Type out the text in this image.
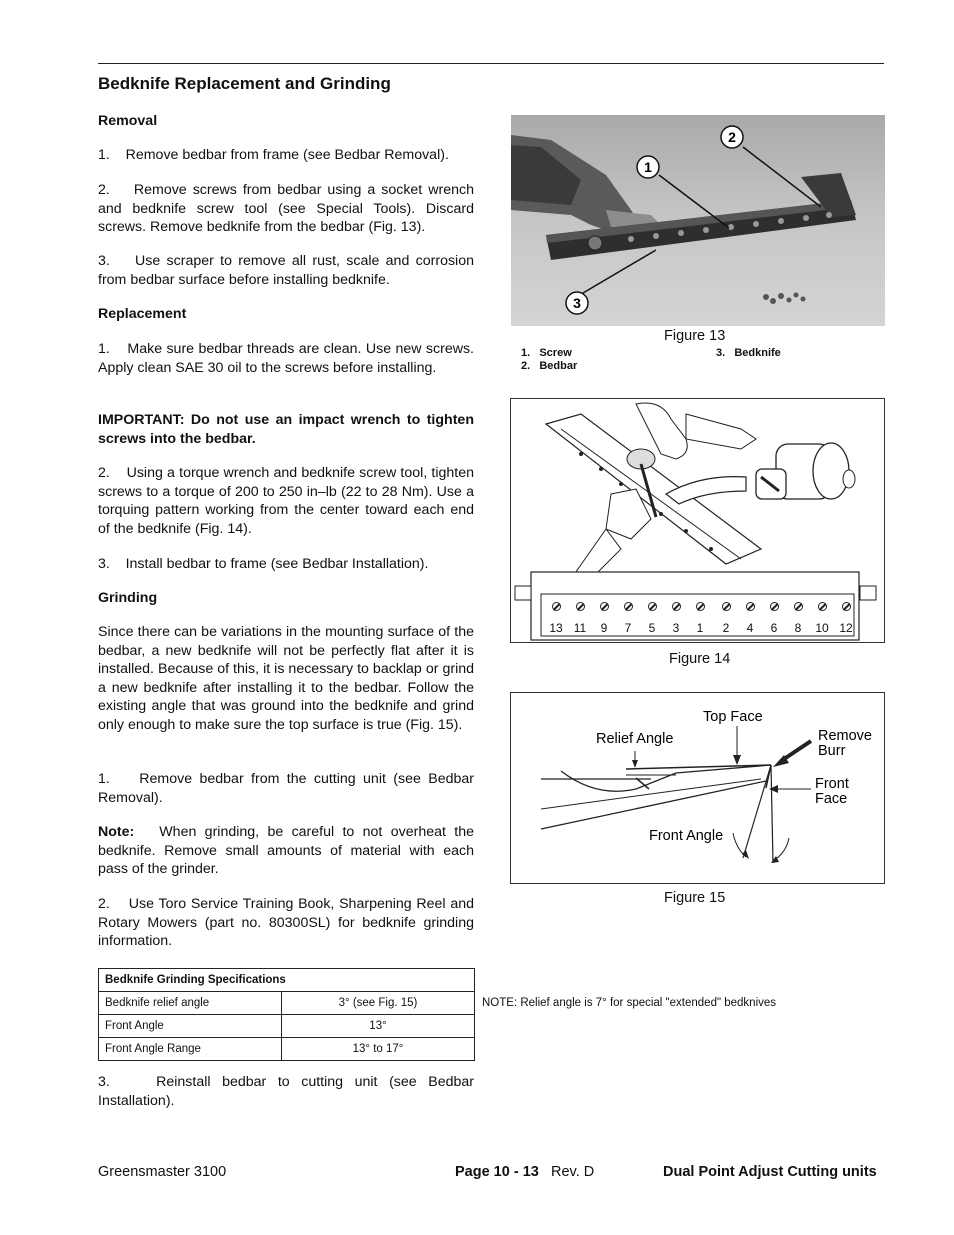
Bedknife Replacement and Grinding

Removal

1.    Remove bedbar from frame (see Bedbar Removal).

2.    Remove screws from bedbar using a socket wrench and bedknife screw tool (see Special Tools). Discard screws. Remove bedknife from the bedbar (Fig. 13).

3.    Use scraper to remove all rust, scale and corrosion from bedbar surface before installing bedknife.

Replacement

1.    Make sure bedbar threads are clean. Use new screws. Apply clean SAE 30 oil to the screws before installing.

IMPORTANT: Do not use an impact wrench to tighten screws into the bedbar.

2.    Using a torque wrench and bedknife screw tool, tighten screws to a torque of 200 to 250 in–lb (22 to 28 Nm). Use a torquing pattern working from the center toward each end of the bedknife (Fig. 14).

3.    Install bedbar to frame (see Bedbar Installation).

Grinding

Since there can be variations in the mounting surface of the bedbar, a new bedknife will not be perfectly flat after it is installed. Because of this, it is necessary to backlap or grind a new bedknife after installing it to the bedbar. Follow the existing angle that was ground into the bedknife and grind only enough to make sure the top surface is true (Fig. 15).

1.    Remove bedbar from the cutting unit (see Bedbar Removal).

Note:   When grinding, be careful to not overheat the bedknife. Remove small amounts of material with each pass of the grinder.

2.    Use Toro Service Training Book, Sharpening Reel and Rotary Mowers (part no. 80300SL) for bedknife grinding information.

Bedknife Grinding Specifications	
Bedknife relief angle	3° (see Fig. 15)
Front Angle	13°
Front Angle Range	13° to 17°

3.    Reinstall bedbar to cutting unit (see Bedbar Installation).

NOTE: Relief angle is 7° for special "extended" bedknives
1
2
3
Figure 13
1.   Screw
2.   Bedbar
3.   Bedknife
13 11	9	7	5	3	1	2	4	6	8	10 12
Figure 14
Top Face
Relief Angle	Remove
Burr
Front
Face
Front Angle
Figure 15
Greensmaster 3100	Page 10 - 13 Rev. D	Dual Point Adjust Cutting units
